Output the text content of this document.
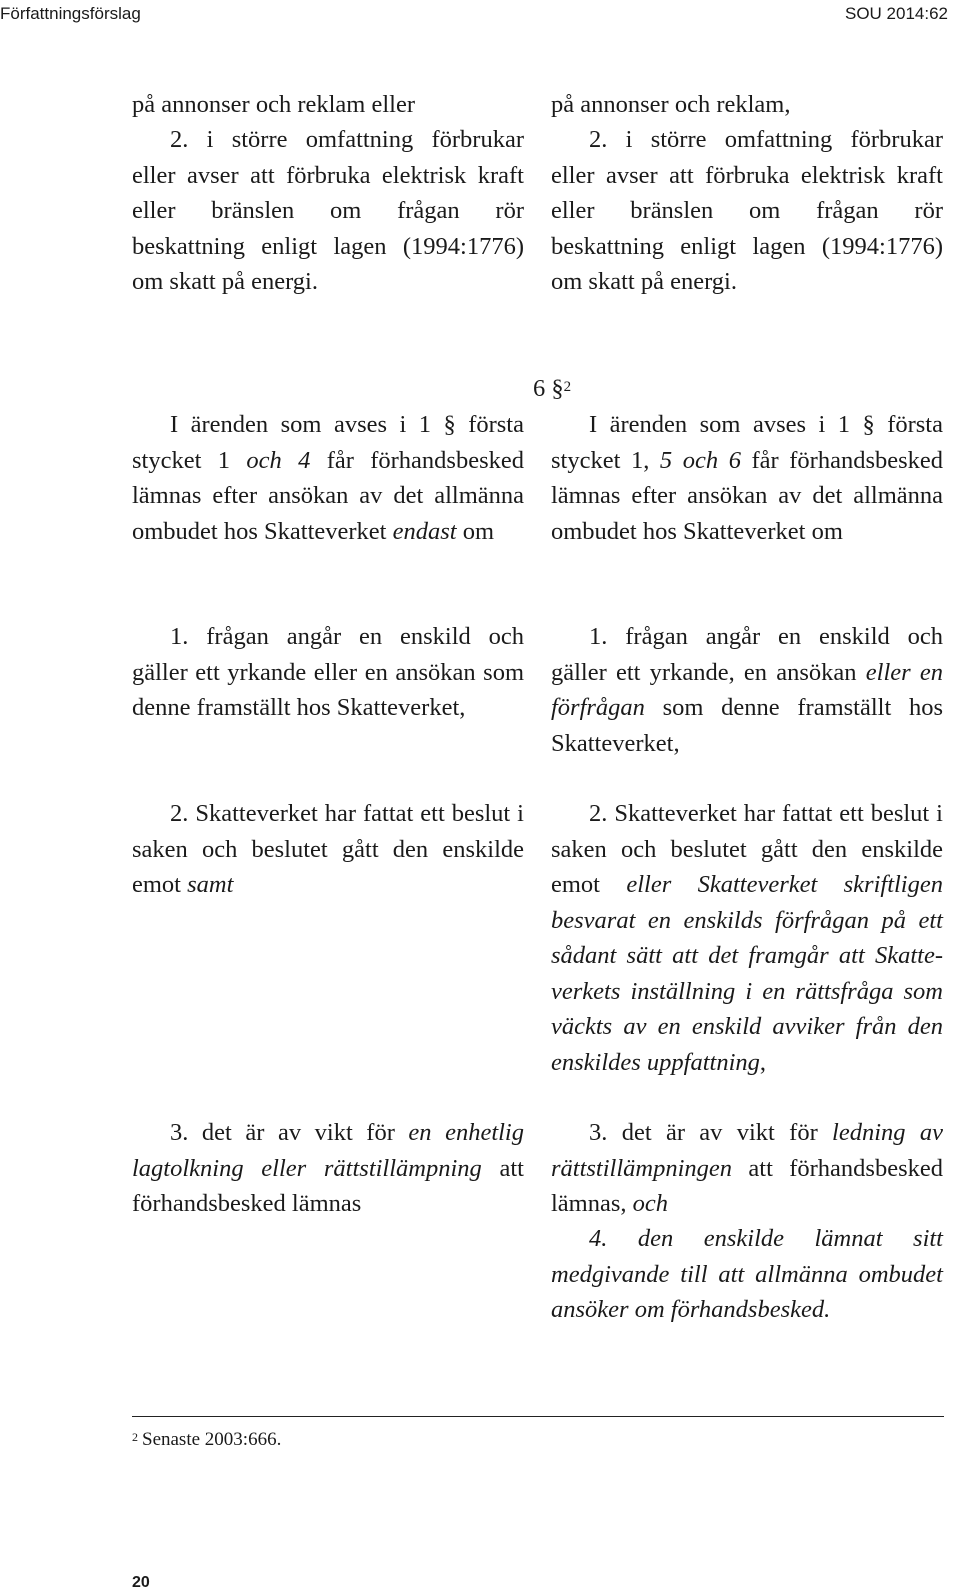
Författningsförslag	SOU 2014:62
6 §$^2$

på annonser och reklam eller

2. i större omfattning förbrukar eller avser att förbruka elektrisk kraft eller bränslen om frågan rör beskattning enligt lagen (1994:1776) om skatt på energi.

I ärenden som avses i 1 § första stycket 1 och 4 får förhandsbesked lämnas efter ansökan av det allmänna ombudet hos Skatteverket endast om

1. frågan angår en enskild och gäller ett yrkande eller en ansökan som denne framställt hos Skatteverket,

2. Skatteverket har fattat ett beslut i saken och beslutet gått den enskilde emot samt

3. det är av vikt för en enhetlig lagtolkning eller rättstillämpning att förhandsbesked lämnas

på annonser och reklam,

2. i större omfattning förbrukar eller avser att förbruka elektrisk kraft eller bränslen om frågan rör beskattning enligt lagen (1994:1776) om skatt på energi.

I ärenden som avses i 1 § första stycket 1, 5 och 6 får förhandsbesked lämnas efter ansökan av det allmänna ombudet hos Skatteverket om

1. frågan angår en enskild och gäller ett yrkande, en ansökan eller en förfrågan som denne framställt hos Skatteverket,

2. Skatteverket har fattat ett beslut i saken och beslutet gått den enskilde emot eller Skatteverket skriftligen besvarat en enskilds förfrågan på ett sådant sätt att det framgår att Skatteverkets inställning i en rättsfråga som väckts av en enskild avviker från den enskildes uppfattning,

3. det är av vikt för ledning av rättstillämpningen att förhandsbesked lämnas, och

4. den enskilde lämnat sitt medgivande till att allmänna ombudet ansöker om förhandsbesked.

$^2$ Senaste 2003:666.
20
